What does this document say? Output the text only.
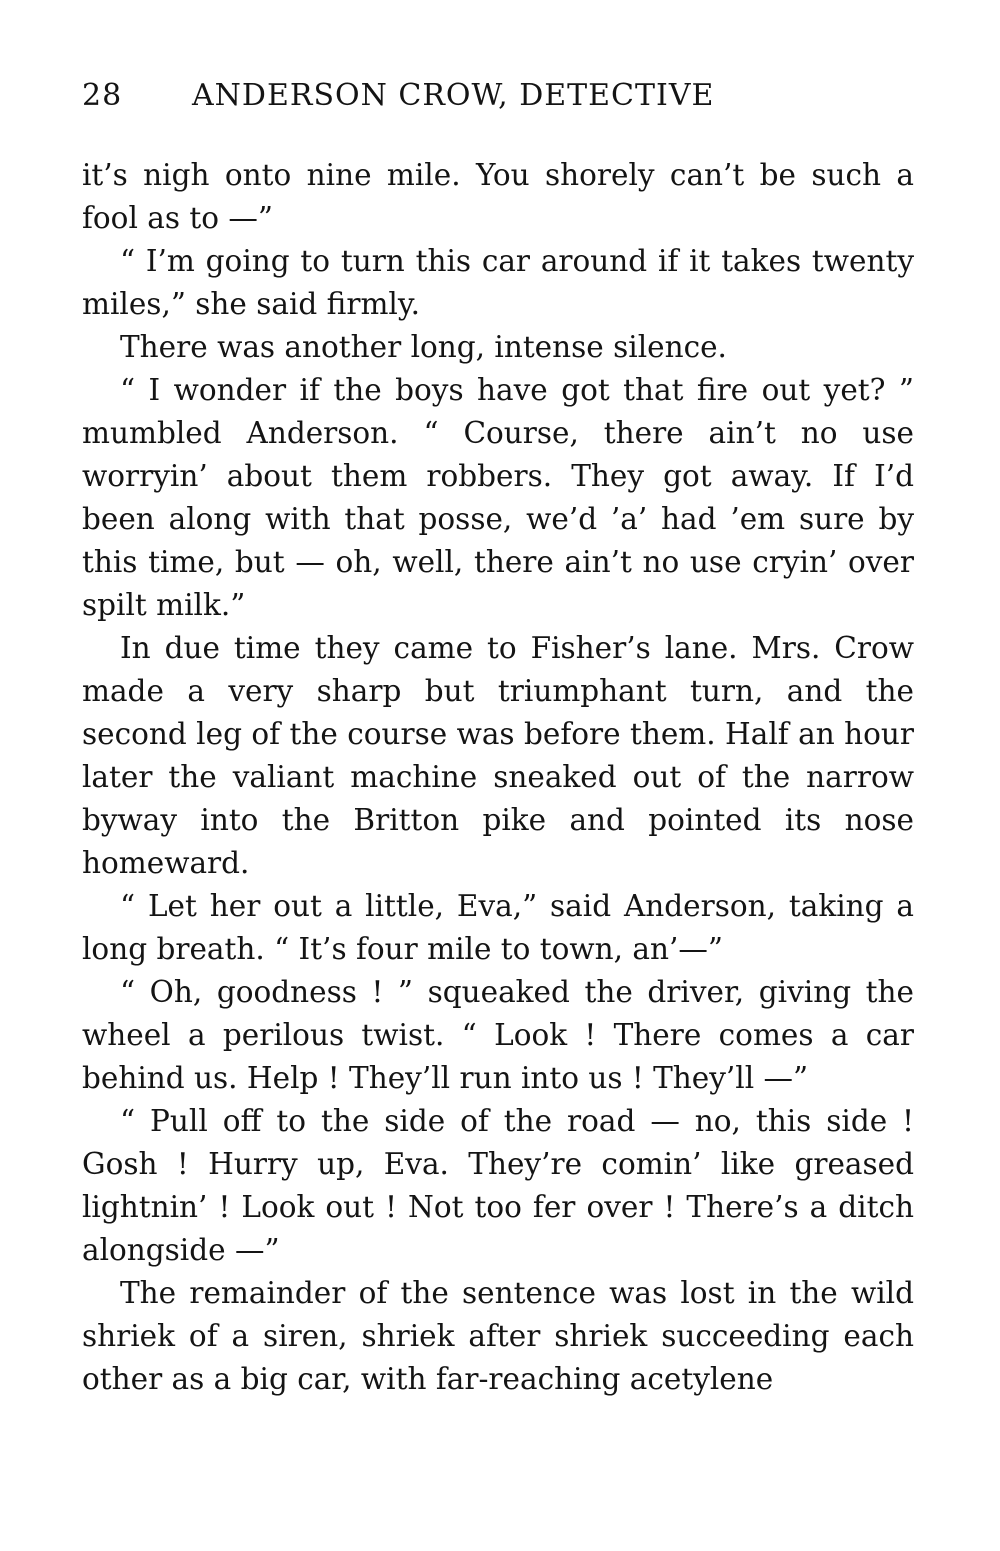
28	ANDERSON CROW, DETECTIVE

it’s nigh onto nine mile. You shorely can’t be such a fool as to —”

“ I’m going to turn this car around if it takes twenty miles,” she said firmly.

There was another long, intense silence.

“ I wonder if the boys have got that fire out yet? ” mumbled Anderson. “ Course, there ain’t no use worryin’ about them robbers. They got away. If I’d been along with that posse, we’d ’a’ had ’em sure by this time, but — oh, well, there ain’t no use cryin’ over spilt milk.”

In due time they came to Fisher’s lane. Mrs. Crow made a very sharp but triumphant turn, and the second leg of the course was before them. Half an hour later the valiant machine sneaked out of the narrow byway into the Britton pike and pointed its nose homeward.

“ Let her out a little, Eva,” said Anderson, taking a long breath. “ It’s four mile to town, an’—”

“ Oh, goodness ! ” squeaked the driver, giving the wheel a perilous twist. “ Look ! There comes a car behind us. Help ! They’ll run into us ! They’ll —”

“ Pull off to the side of the road — no, this side ! Gosh ! Hurry up, Eva. They’re comin’ like greased lightnin’ ! Look out ! Not too fer over ! There’s a ditch alongside —”

The remainder of the sentence was lost in the wild shriek of a siren, shriek after shriek succeeding each other as a big car, with far-reaching acetylene
